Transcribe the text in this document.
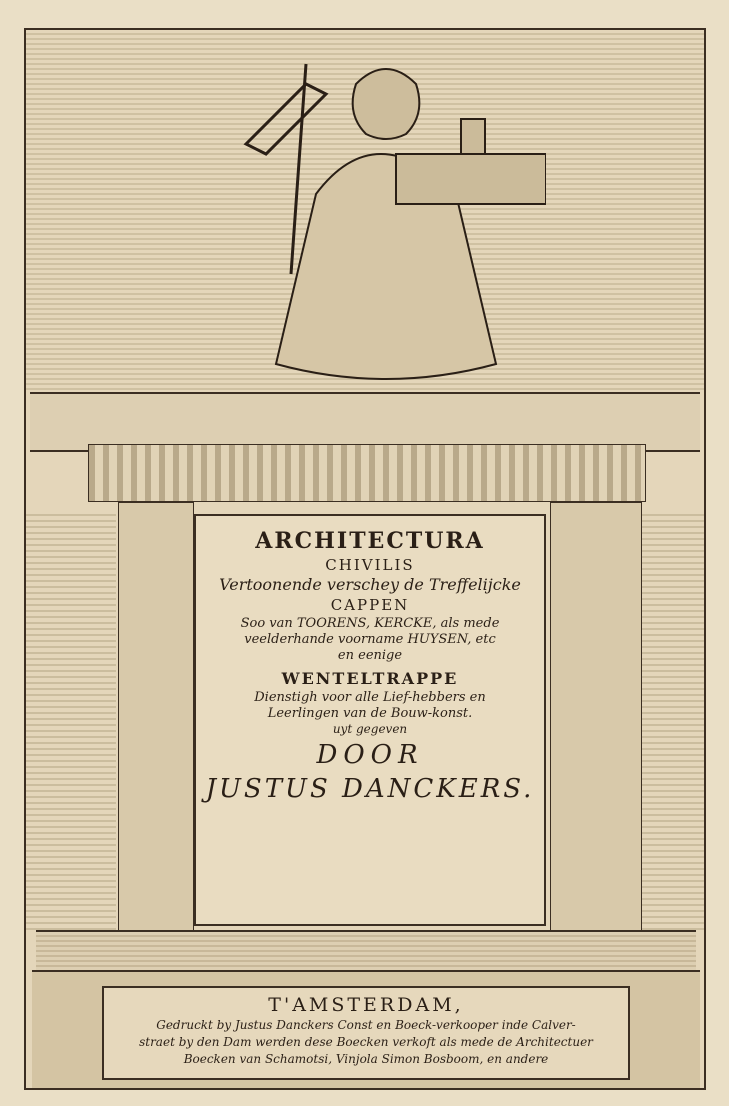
ARCHITECTURA
CHIVILIS
Vertoonende verschey de Treffelijcke
CAPPEN
Soo van TOORENS, KERCKE, als mede
veelderhande voorname HUYSEN, etc
en eenige
WENTELTRAPPE
Dienstigh voor alle Lief-hebbers en
Leerlingen van de Bouw-konst.
uyt gegeven
DOOR
JUSTUS DANCKERS.
T'AMSTERDAM,
Gedruckt by Justus Danckers Const en Boeck-verkooper inde Calver-
straet by den Dam werden dese Boecken verkoft als mede de Architectuer
Boecken van Schamotsi, Vinjola Simon Bosboom, en andere
